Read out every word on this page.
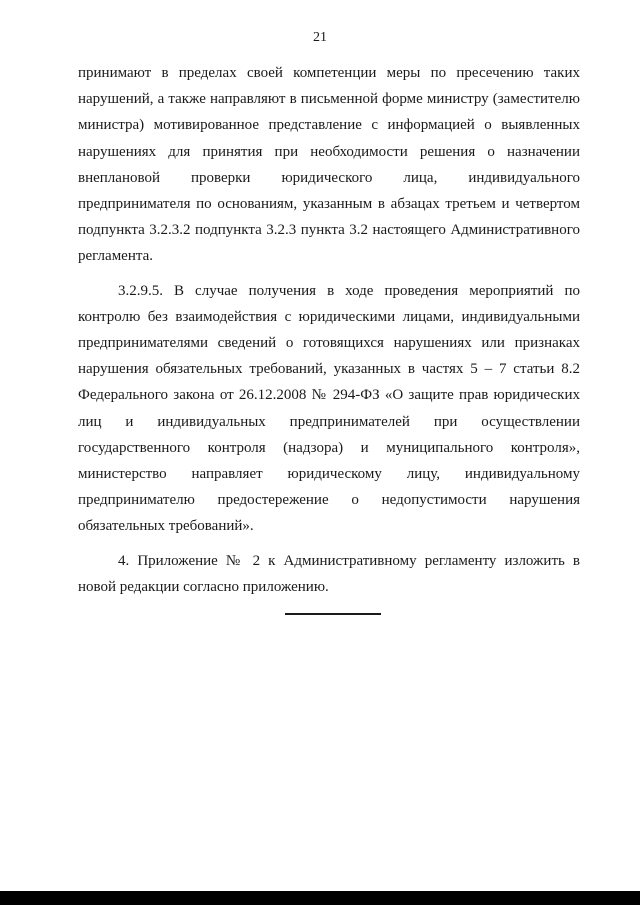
21
принимают в пределах своей компетенции меры по пресечению таких
нарушений, а также направляют в письменной форме министру (заместителю
министра) мотивированное представление с информацией о выявленных
нарушениях для принятия при необходимости решения о назначении
внеплановой проверки юридического лица, индивидуального
предпринимателя по основаниям, указанным в абзацах третьем и четвертом
подпункта 3.2.3.2 подпункта 3.2.3 пункта 3.2 настоящего Административного
регламента.
3.2.9.5. В случае получения в ходе проведения мероприятий по
контролю без взаимодействия с юридическими лицами, индивидуальными
предпринимателями сведений о готовящихся нарушениях или признаках
нарушения обязательных требований, указанных в частях 5 – 7 статьи 8.2
Федерального закона от 26.12.2008 № 294-ФЗ «О защите прав юридических
лиц и индивидуальных предпринимателей при осуществлении
государственного контроля (надзора) и муниципального контроля»,
министерство направляет юридическому лицу, индивидуальному
предпринимателю предостережение о недопустимости нарушения
обязательных требований».
4. Приложение № 2 к Административному регламенту изложить в
новой редакции согласно приложению.
